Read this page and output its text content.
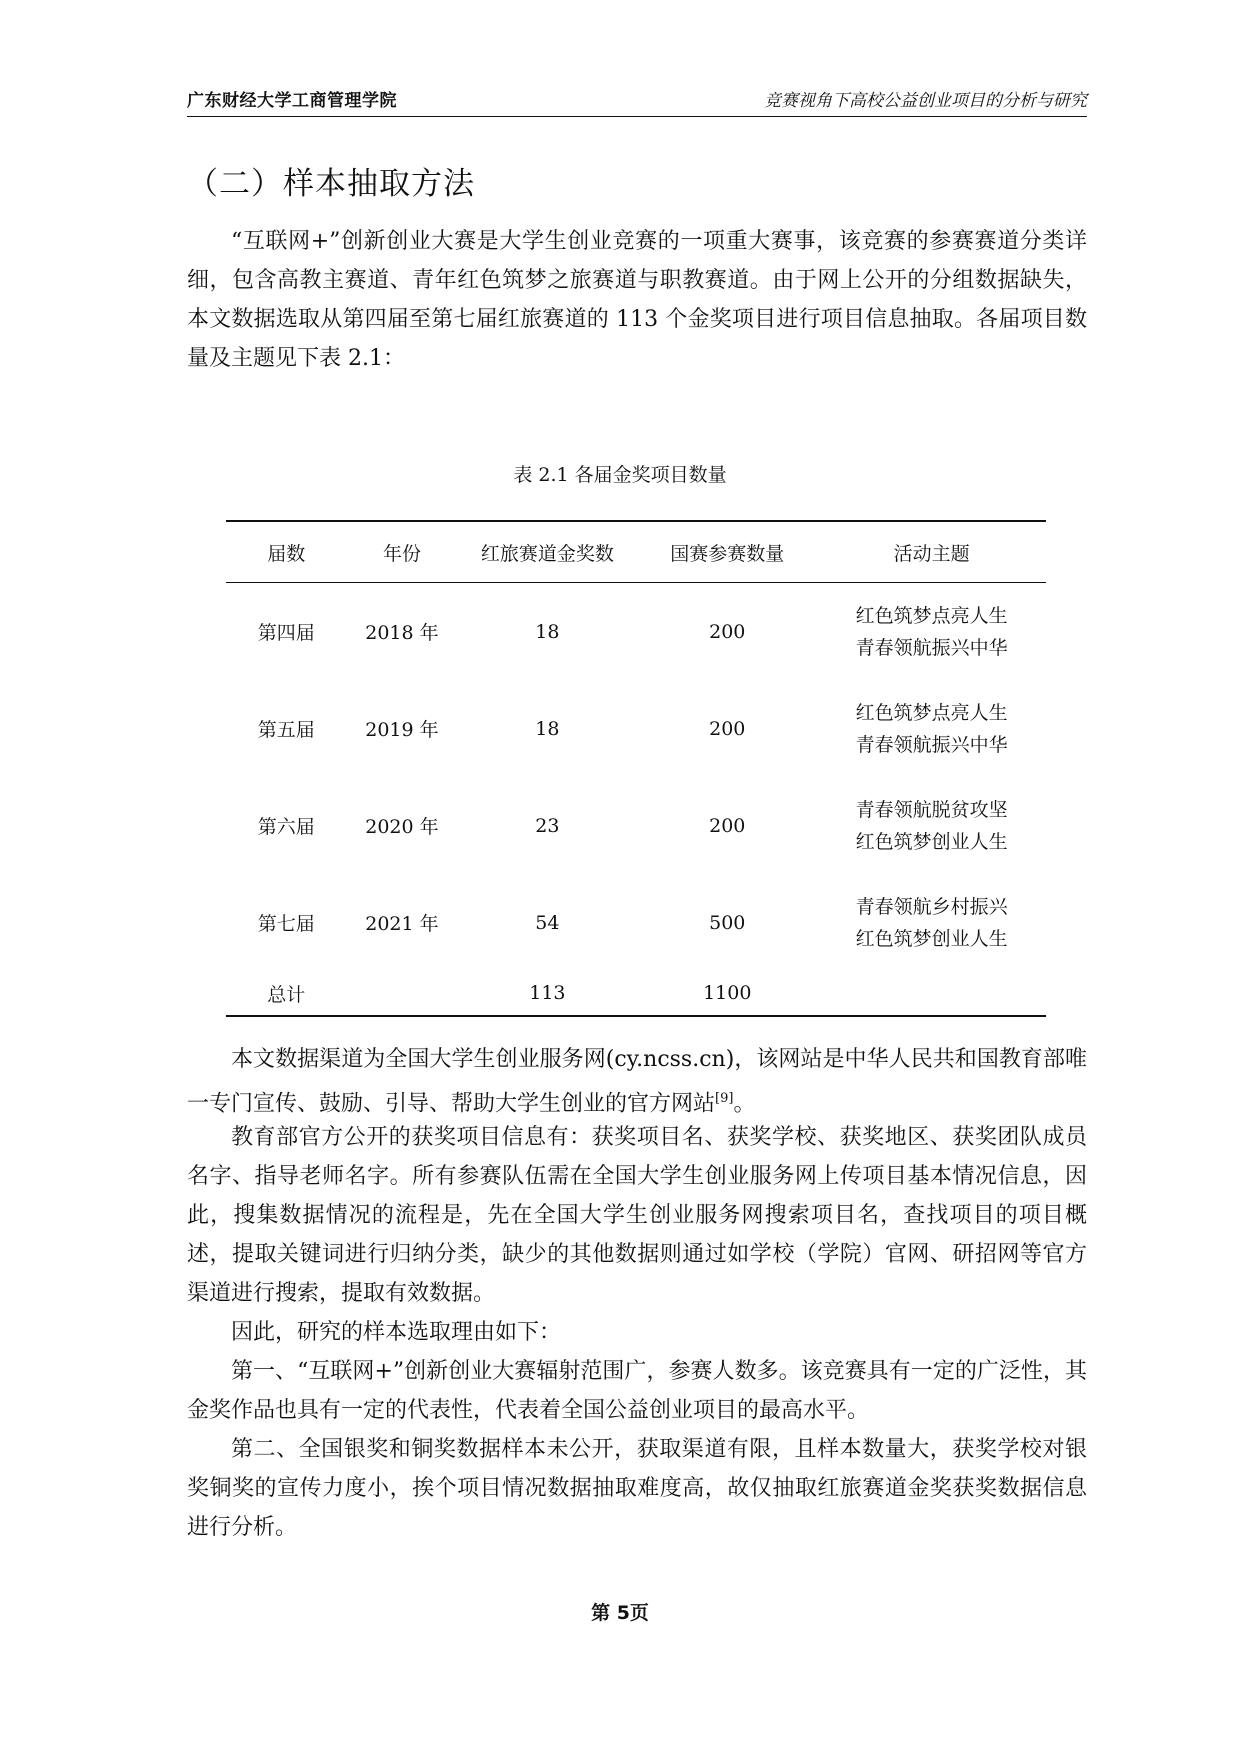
广东财经大学工商管理学院	竞赛视角下高校公益创业项目的分析与研究
（二）样本抽取方法

“互联网+”创新创业大赛是大学生创业竞赛的一项重大赛事，该竞赛的参赛赛道分类详细，包含高教主赛道、青年红色筑梦之旅赛道与职教赛道。由于网上公开的分组数据缺失，本文数据选取从第四届至第七届红旅赛道的 113 个金奖项目进行项目信息抽取。各届项目数量及主题见下表 2.1：

表 2.1 各届金奖项目数量
届数	年份	红旅赛道金奖数	国赛参赛数量	活动主题
第四届	2018 年	18	200	红色筑梦点亮人生
青春领航振兴中华

第五届	2019 年	18	200	红色筑梦点亮人生
青春领航振兴中华

第六届	2020 年	23	200	青春领航脱贫攻坚
红色筑梦创业人生

第七届	2021 年	54	500	青春领航乡村振兴
红色筑梦创业人生

总计		113	1100	

本文数据渠道为全国大学生创业服务网(cy.ncss.cn)，该网站是中华人民共和国教育部唯一专门宣传、鼓励、引导、帮助大学生创业的官方网站[9]。

教育部官方公开的获奖项目信息有：获奖项目名、获奖学校、获奖地区、获奖团队成员名字、指导老师名字。所有参赛队伍需在全国大学生创业服务网上传项目基本情况信息，因此，搜集数据情况的流程是，先在全国大学生创业服务网搜索项目名，查找项目的项目概述，提取关键词进行归纳分类，缺少的其他数据则通过如学校（学院）官网、研招网等官方渠道进行搜索，提取有效数据。

因此，研究的样本选取理由如下：

第一、“互联网+”创新创业大赛辐射范围广，参赛人数多。该竞赛具有一定的广泛性，其金奖作品也具有一定的代表性，代表着全国公益创业项目的最高水平。

第二、全国银奖和铜奖数据样本未公开，获取渠道有限，且样本数量大，获奖学校对银奖铜奖的宣传力度小，挨个项目情况数据抽取难度高，故仅抽取红旅赛道金奖获奖数据信息进行分析。

第 5页
